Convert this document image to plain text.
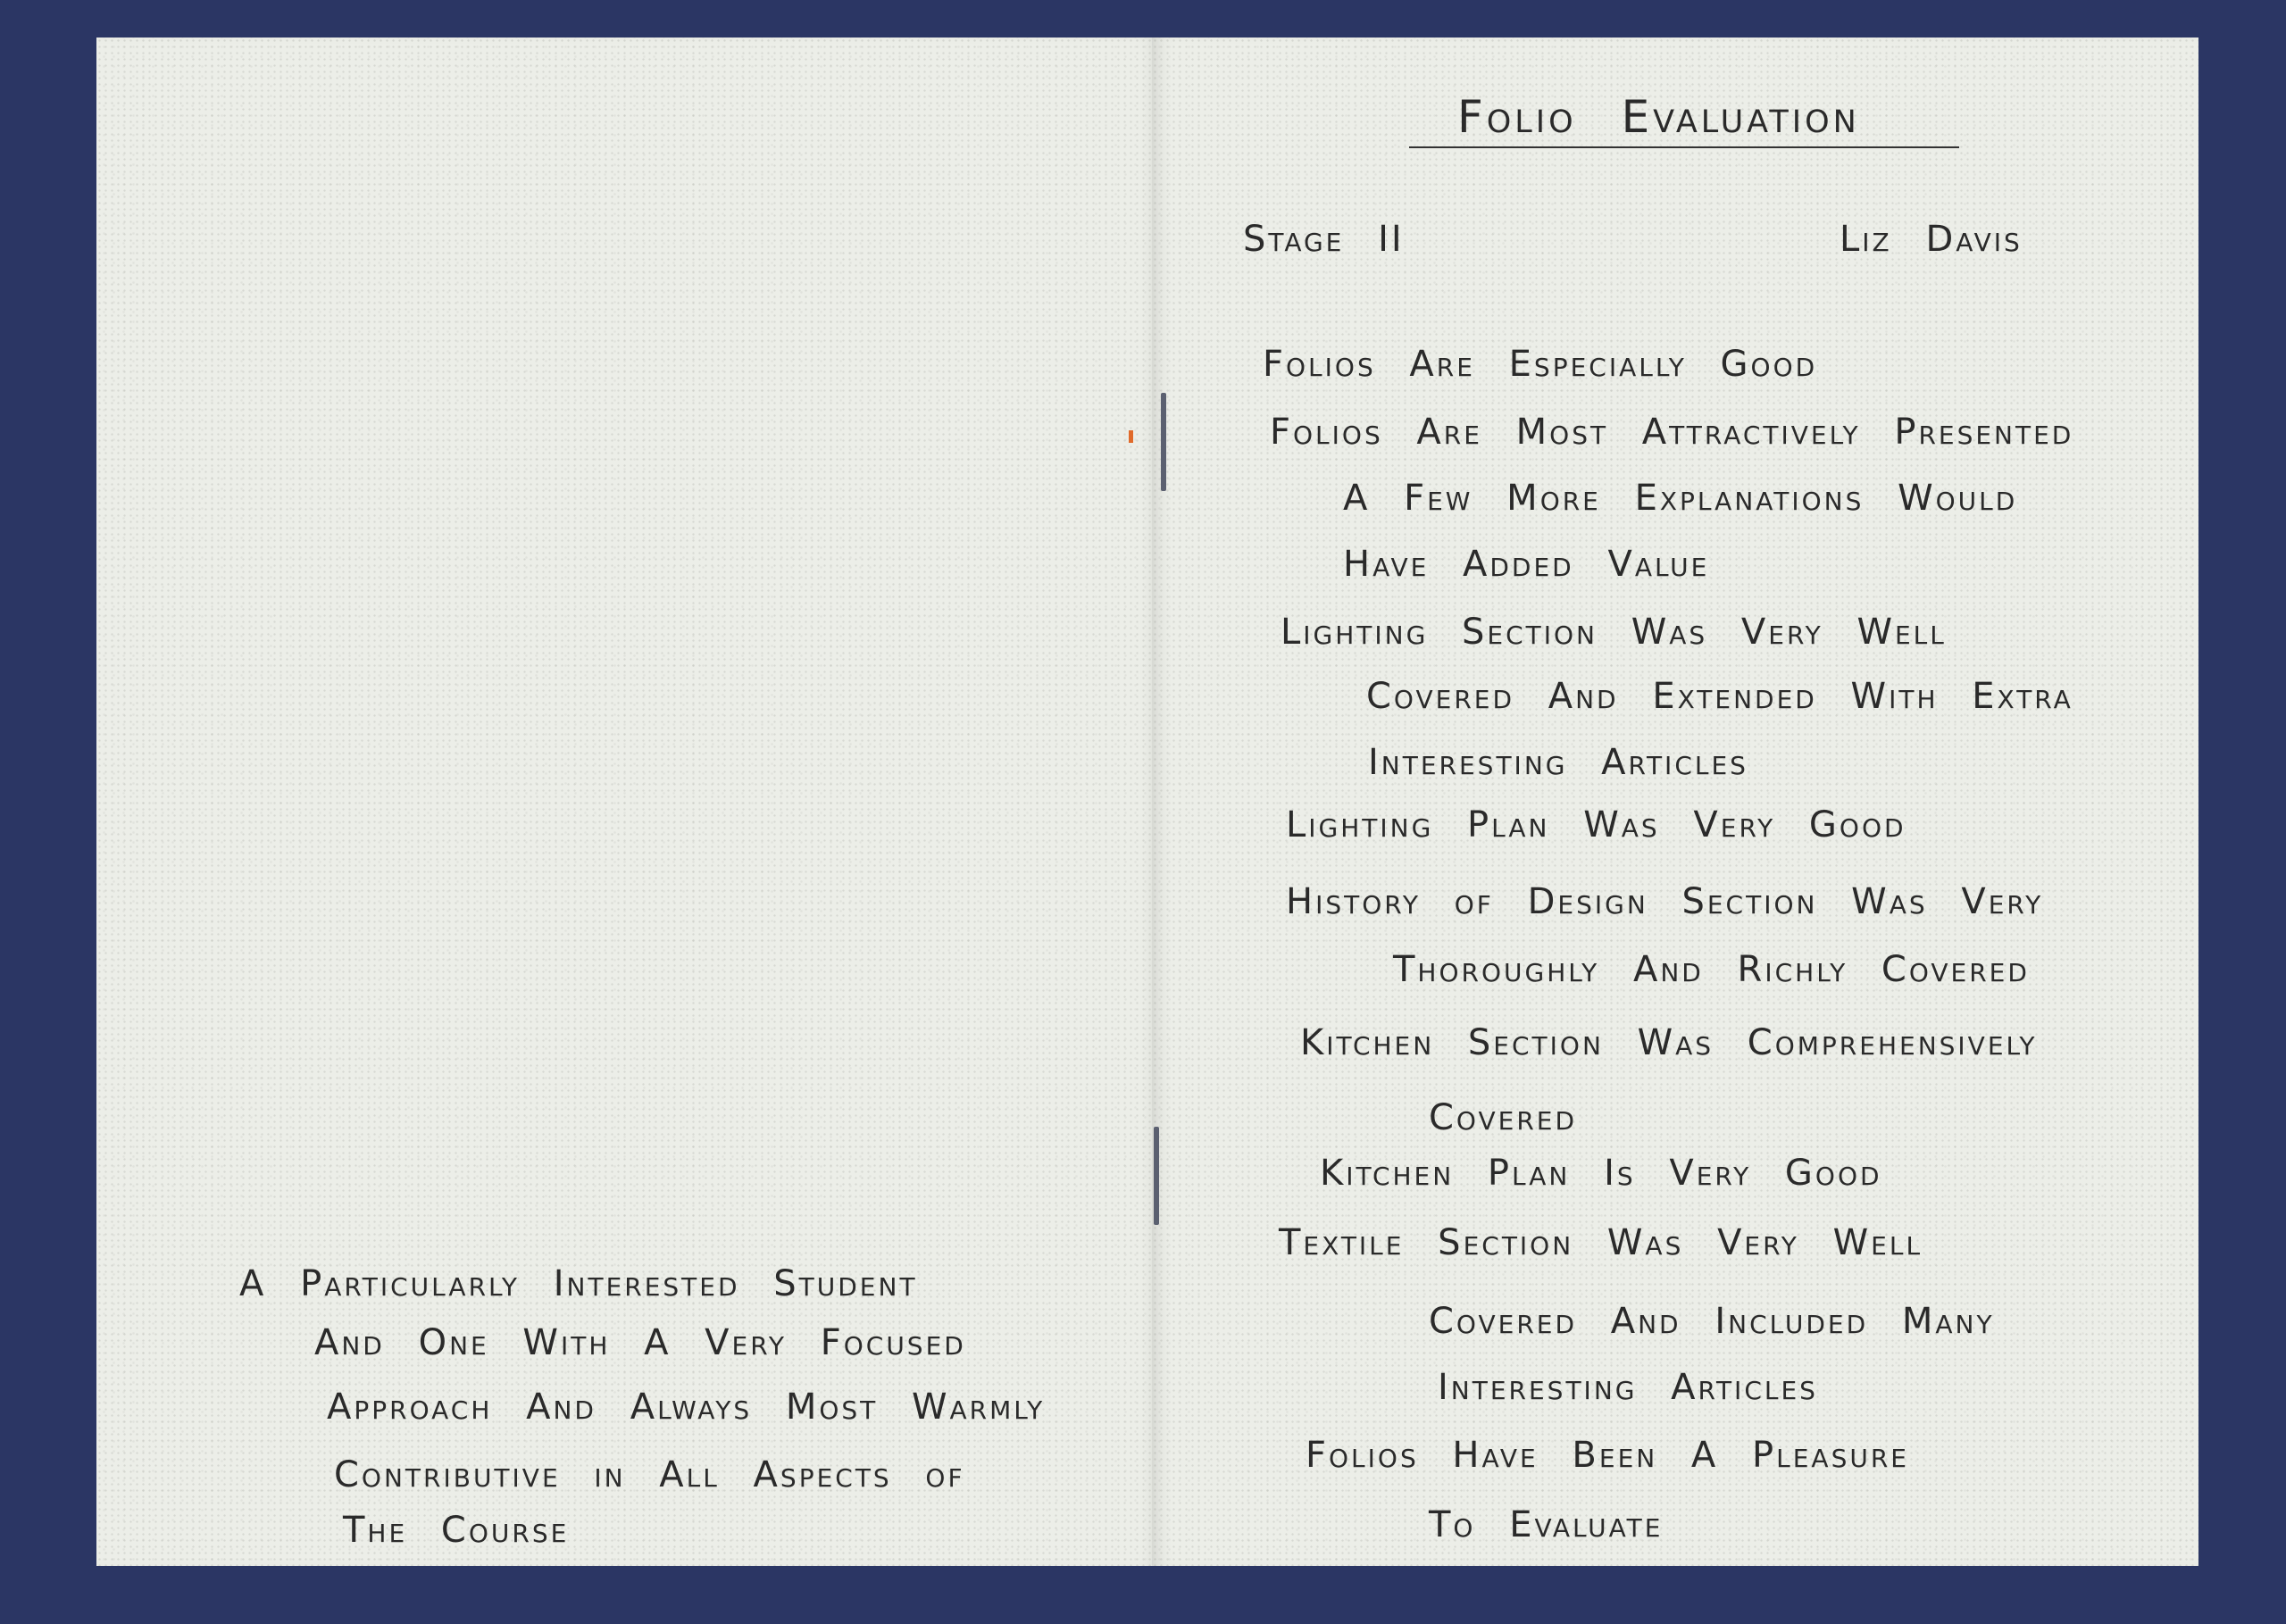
Folio Evaluation
Stage II	Liz Davis
Folios Are Especially Good
Folios Are Most Attractively Presented
A Few More Explanations Would
Have Added Value
Lighting Section Was Very Well
Covered And Extended With Extra
Interesting Articles
Lighting Plan Was Very Good
History of Design Section Was Very
Thoroughly And Richly Covered
Kitchen Section Was Comprehensively
Covered
Kitchen Plan Is Very Good
Textile Section Was Very Well
Covered And Included Many
Interesting Articles
Folios Have Been A Pleasure
To Evaluate
A Particularly Interested Student
And One With A Very Focused
Approach And Always Most Warmly
Contributive in All Aspects of
The Course
